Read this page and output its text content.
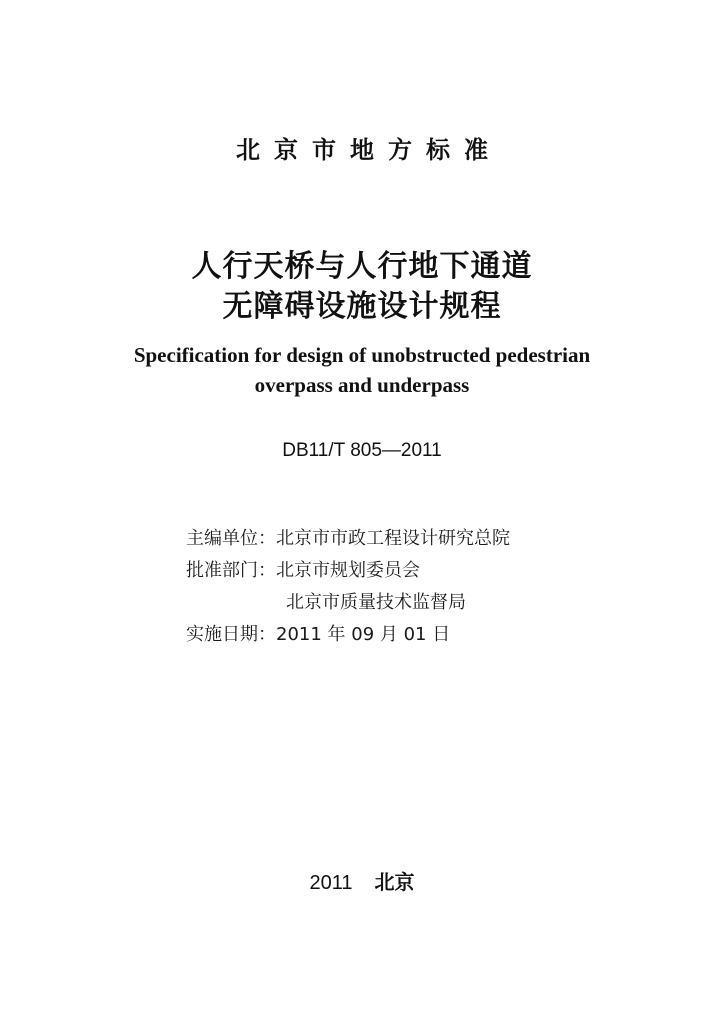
北京市地方标准
人行天桥与人行地下通道
无障碍设施设计规程
Specification for design of unobstructed pedestrian
overpass and underpass
DB11/T 805—2011
主编单位：北京市市政工程设计研究总院
批准部门：北京市规划委员会
北京市质量技术监督局
实施日期：2011 年 09 月 01 日
2011 北京
